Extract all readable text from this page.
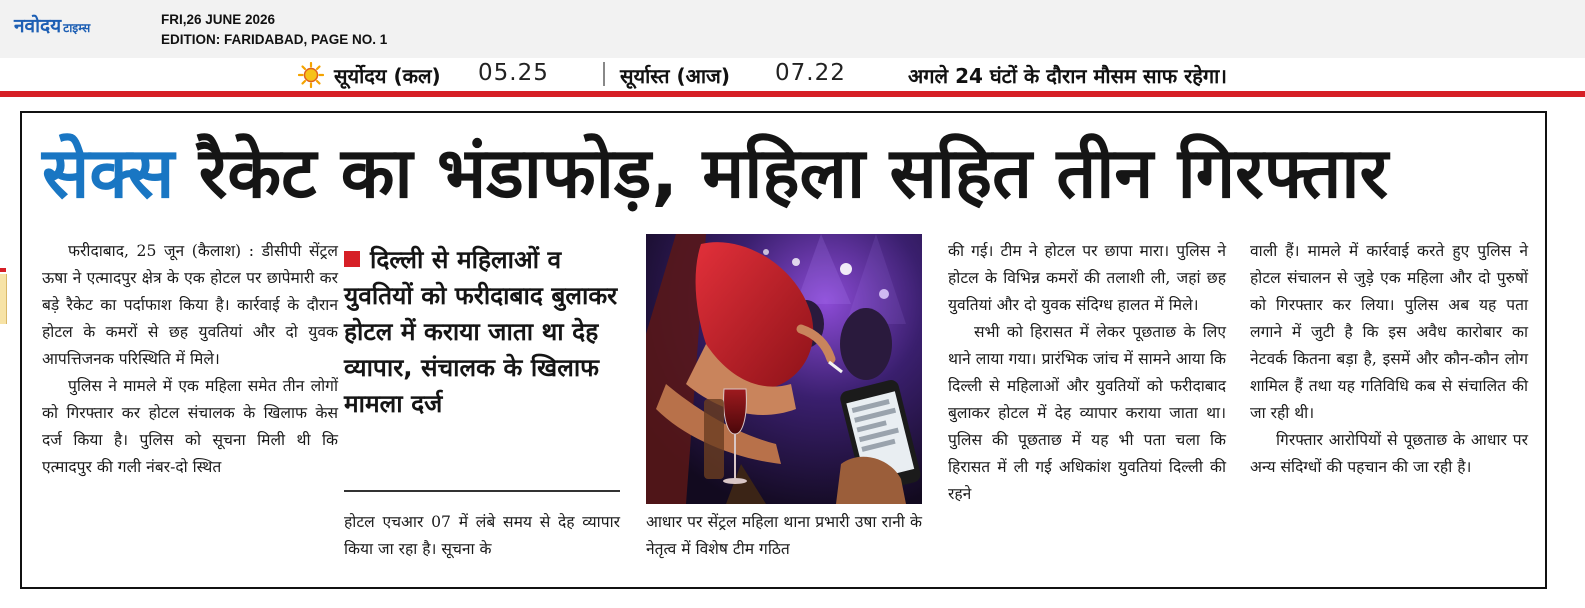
नवोदय टाइम्स
FRI,26 JUNE 2026
EDITION: FARIDABAD, PAGE NO. 1
सूर्योदय (कल) 05.25	सूर्यास्त (आज) 07.22	अगले 24 घंटों के दौरान मौसम साफ रहेगा।
सेक्स रैकेट का भंडाफोड़, महिला सहित तीन गिरफ्तार

फरीदाबाद, 25 जून (कैलाश) : डीसीपी सेंट्रल ऊषा ने एत्मादपुर क्षेत्र के एक होटल पर छापेमारी कर बड़े रैकेट का पर्दाफाश किया है। कार्रवाई के दौरान होटल के कमरों से छह युवतियां और दो युवक आपत्तिजनक परिस्थिति में मिले।

पुलिस ने मामले में एक महिला समेत तीन लोगों को गिरफ्तार कर होटल संचालक के खिलाफ केस दर्ज किया है। पुलिस को सूचना मिली थी कि एत्मादपुर की गली नंबर-दो स्थित

दिल्ली से महिलाओं व युवतियों को फरीदाबाद बुलाकर होटल में कराया जाता था देह व्यापार, संचालक के खिलाफ मामला दर्ज

होटल एचआर 07 में लंबे समय से देह व्यापार किया जा रहा है। सूचना के

आधार पर सेंट्रल महिला थाना प्रभारी उषा रानी के नेतृत्व में विशेष टीम गठित

की गई। टीम ने होटल पर छापा मारा। पुलिस ने होटल के विभिन्न कमरों की तलाशी ली, जहां छह युवतियां और दो युवक संदिग्ध हालत में मिले।

सभी को हिरासत में लेकर पूछताछ के लिए थाने लाया गया। प्रारंभिक जांच में सामने आया कि दिल्ली से महिलाओं और युवतियों को फरीदाबाद बुलाकर होटल में देह व्यापार कराया जाता था। पुलिस की पूछताछ में यह भी पता चला कि हिरासत में ली गई अधिकांश युवतियां दिल्ली की रहने

वाली हैं। मामले में कार्रवाई करते हुए पुलिस ने होटल संचालन से जुड़े एक महिला और दो पुरुषों को गिरफ्तार कर लिया। पुलिस अब यह पता लगाने में जुटी है कि इस अवैध कारोबार का नेटवर्क कितना बड़ा है, इसमें और कौन-कौन लोग शामिल हैं तथा यह गतिविधि कब से संचालित की जा रही थी।

गिरफ्तार आरोपियों से पूछताछ के आधार पर अन्य संदिग्धों की पहचान की जा रही है।
